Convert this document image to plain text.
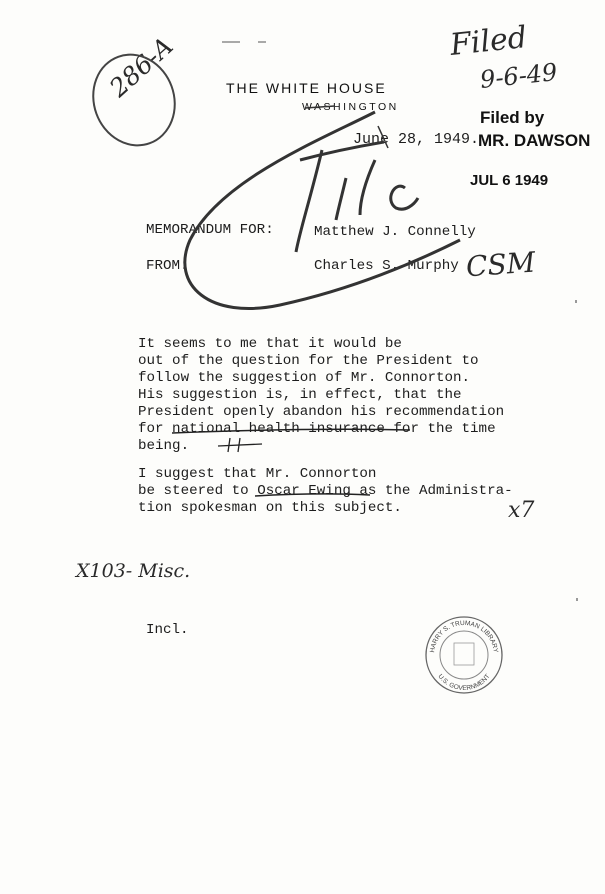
THE WHITE HOUSE
WASHINGTON
286-A	Filed
9-6-49
Filed by
MR. DAWSON
June 28, 1949.
JUL 6 1949
MEMORANDUM FOR:	Matthew J. Connelly
FROM:	Charles S. Murphy CSM
It seems to me that it would be
out of the question for the President to
follow the suggestion of Mr. Connorton.
His suggestion is, in effect, that the
President openly abandon his recommendation
for national health insurance for the time
being.
I suggest that Mr. Connorton
be steered to Oscar Ewing as the Administra-
tion spokesman on this subject.	x7
X103- Misc.
Incl.
HARRY S. TRUMAN LIBRARY
U.S. GOVERNMENT
